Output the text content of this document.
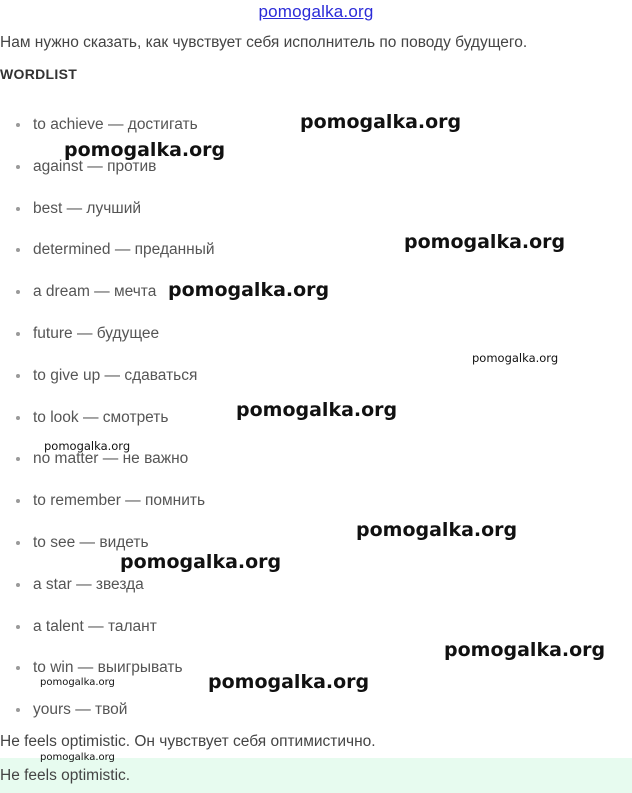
pomogalka.org
Нам нужно сказать, как чувствует себя исполнитель по поводу будущего.
WORDLIST
to achieve — достигать
against — против
best — лучший
determined — преданный
a dream — мечта
future — будущее
to give up — сдаваться
to look — смотреть
no matter — не важно
to remember — помнить
to see — видеть
a star — звезда
a talent — талант
to win — выигрывать
yours — твой
He feels optimistic. Он чувствует себя оптимистично.
He feels optimistic.
pomogalka.org
pomogalka.org
pomogalka.org
pomogalka.org
pomogalka.org
pomogalka.org
pomogalka.org
pomogalka.org
pomogalka.org
pomogalka.org
pomogalka.org
pomogalka.org
pomogalka.org
